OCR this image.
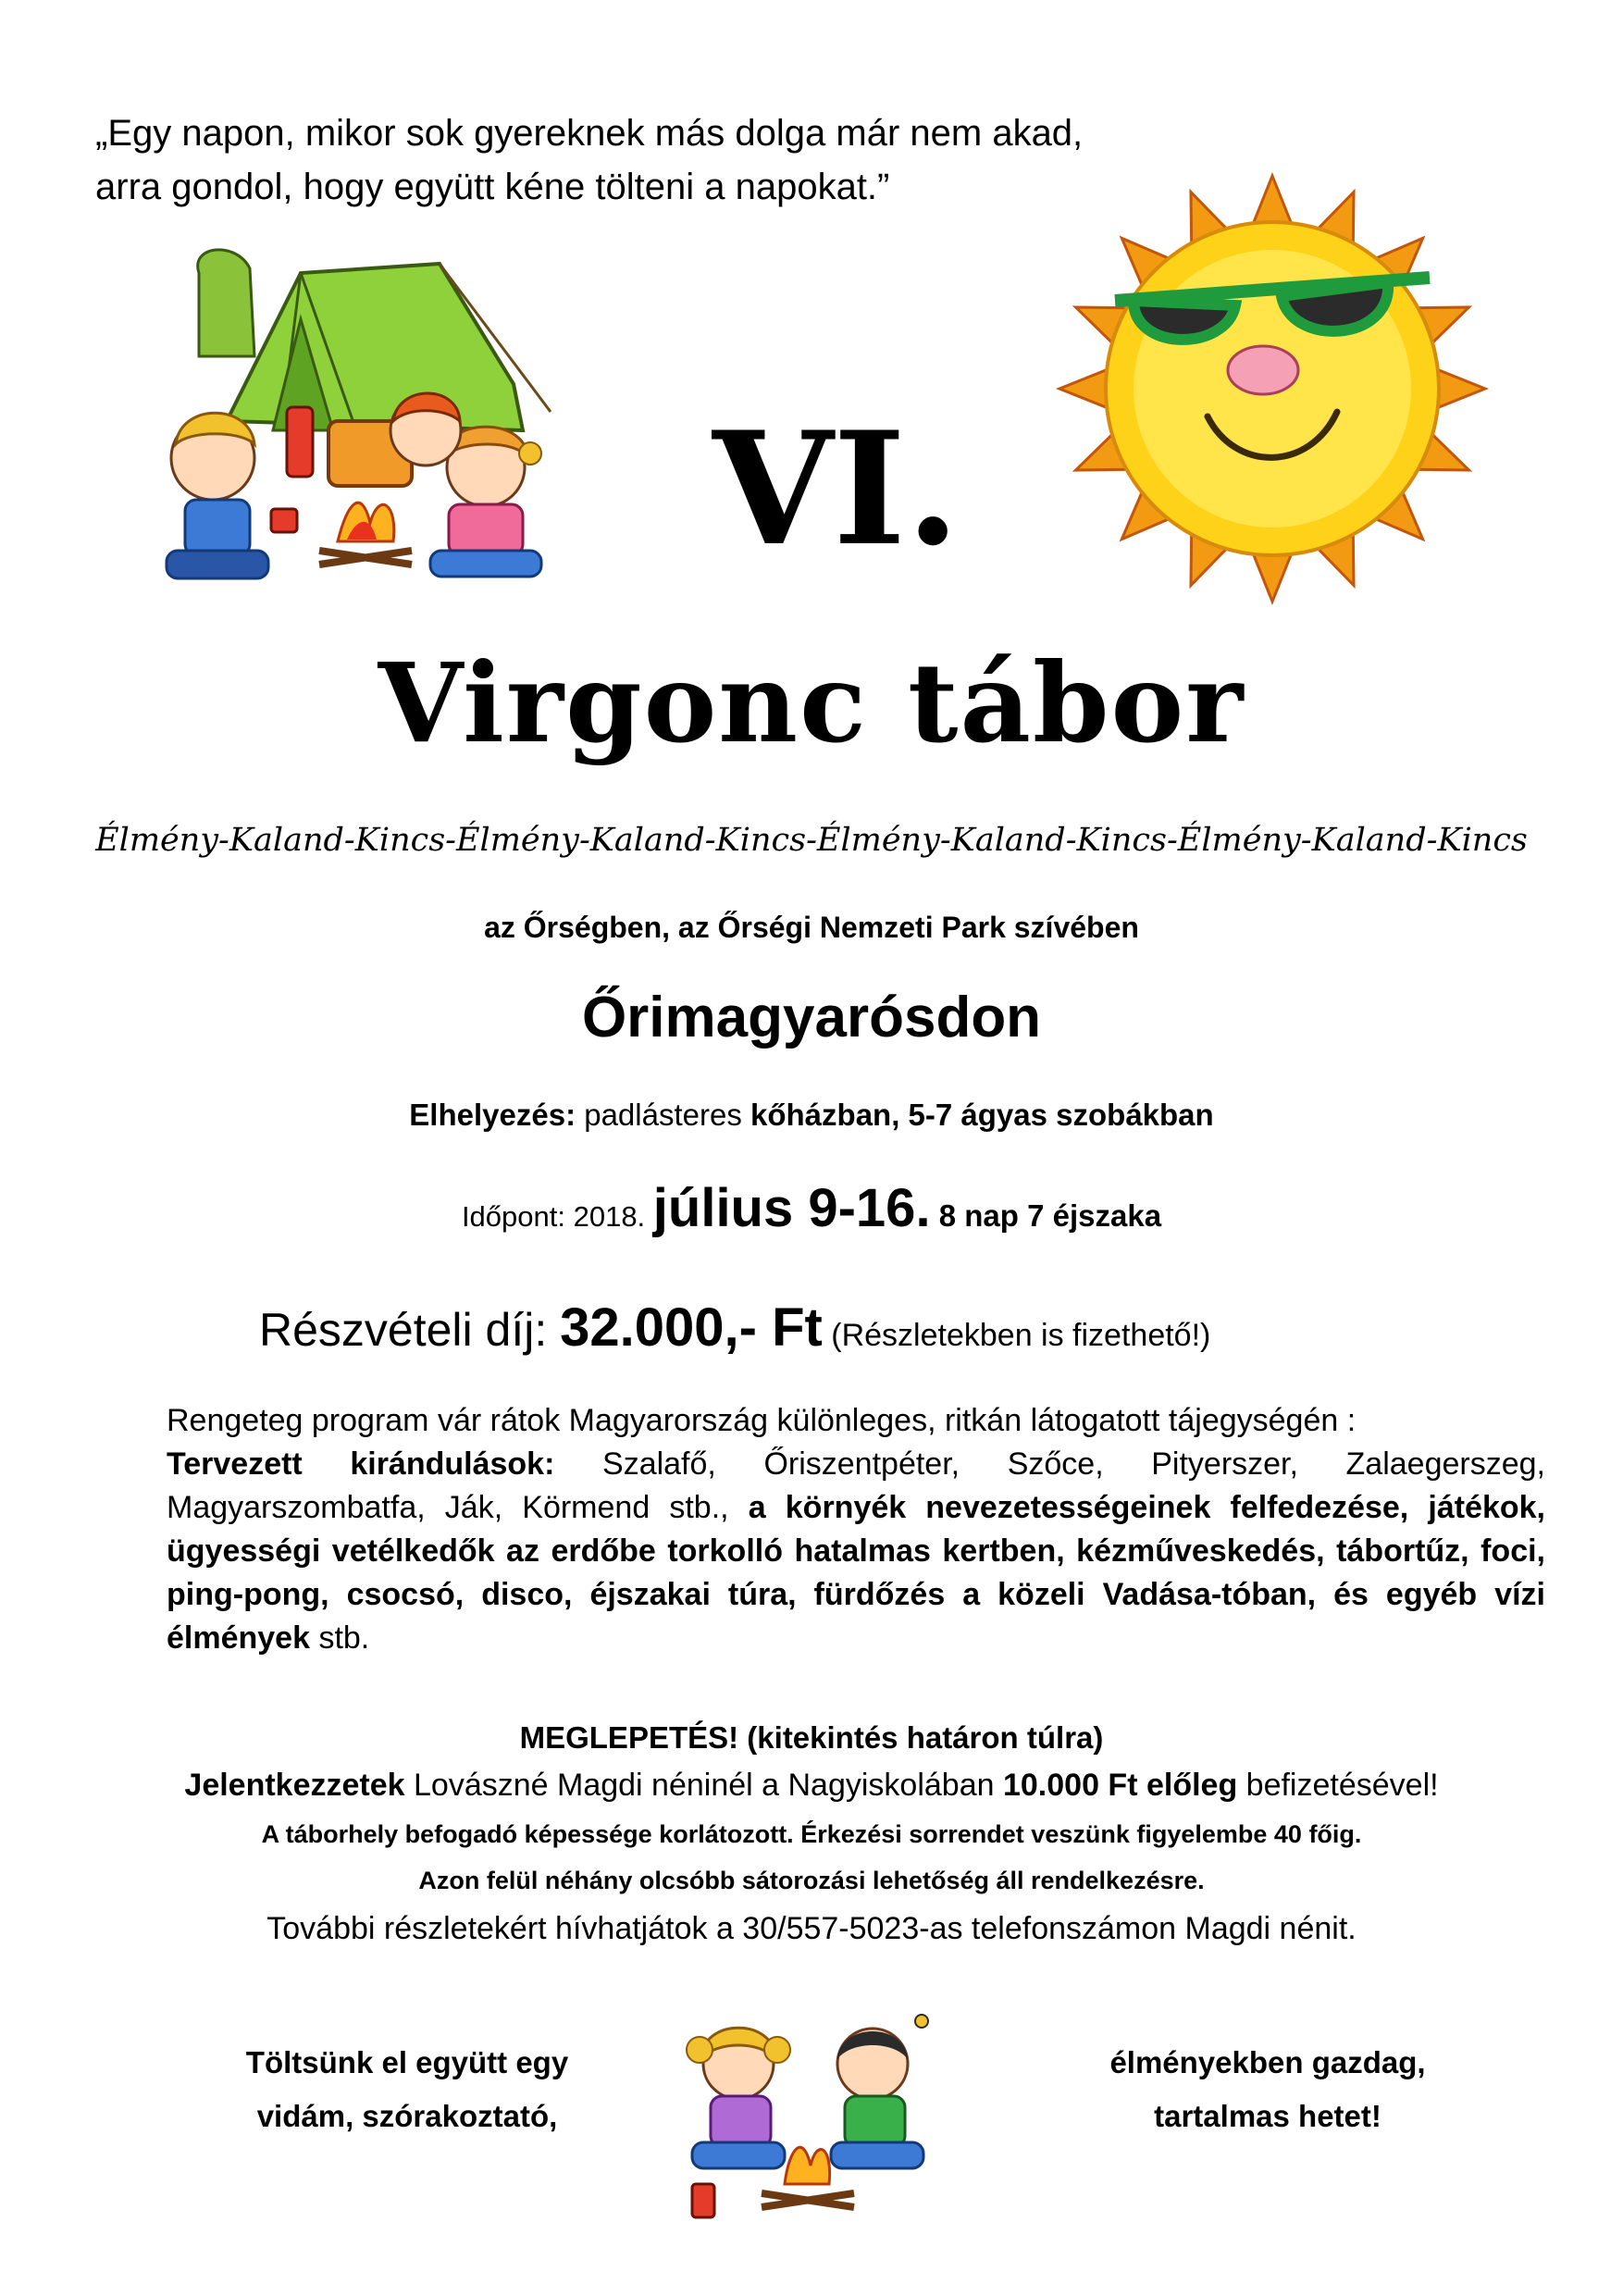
„Egy napon, mikor sok gyereknek más dolga már nem akad,
arra gondol, hogy együtt kéne tölteni a napokat.”
VI.
Virgonc tábor
Élmény-Kaland-Kincs-Élmény-Kaland-Kincs-Élmény-Kaland-Kincs-Élmény-Kaland-Kincs
az Őrségben, az Őrségi Nemzeti Park szívében
Őrimagyarósdon
Elhelyezés: padlásteres kőházban, 5-7 ágyas szobákban
Időpont: 2018. július 9-16. 8 nap 7 éjszaka
Részvételi díj: 32.000,- Ft (Részletekben is fizethető!)
Rengeteg program vár rátok Magyarország különleges, ritkán látogatott tájegységén :
Tervezett kirándulások: Szalafő, Őriszentpéter, Szőce, Pityerszer, Zalaegerszeg, Magyarszombatfa, Ják, Körmend stb., a környék nevezetességeinek felfedezése, játékok, ügyességi vetélkedők az erdőbe torkolló hatalmas kertben, kézműveskedés, tábortűz, foci, ping-pong, csocsó, disco, éjszakai túra, fürdőzés a közeli Vadása-tóban, és egyéb vízi élmények stb.
MEGLEPETÉS! (kitekintés határon túlra)
Jelentkezzetek Lovászné Magdi néninél a Nagyiskolában 10.000 Ft előleg befizetésével!
A táborhely befogadó képessége korlátozott. Érkezési sorrendet veszünk figyelembe 40 főig.
Azon felül néhány olcsóbb sátorozási lehetőség áll rendelkezésre.
További részletekért hívhatjátok a 30/557-5023-as telefonszámon Magdi nénit.
Töltsünk el együtt egy
vidám, szórakoztató,
élményekben gazdag,
tartalmas hetet!
